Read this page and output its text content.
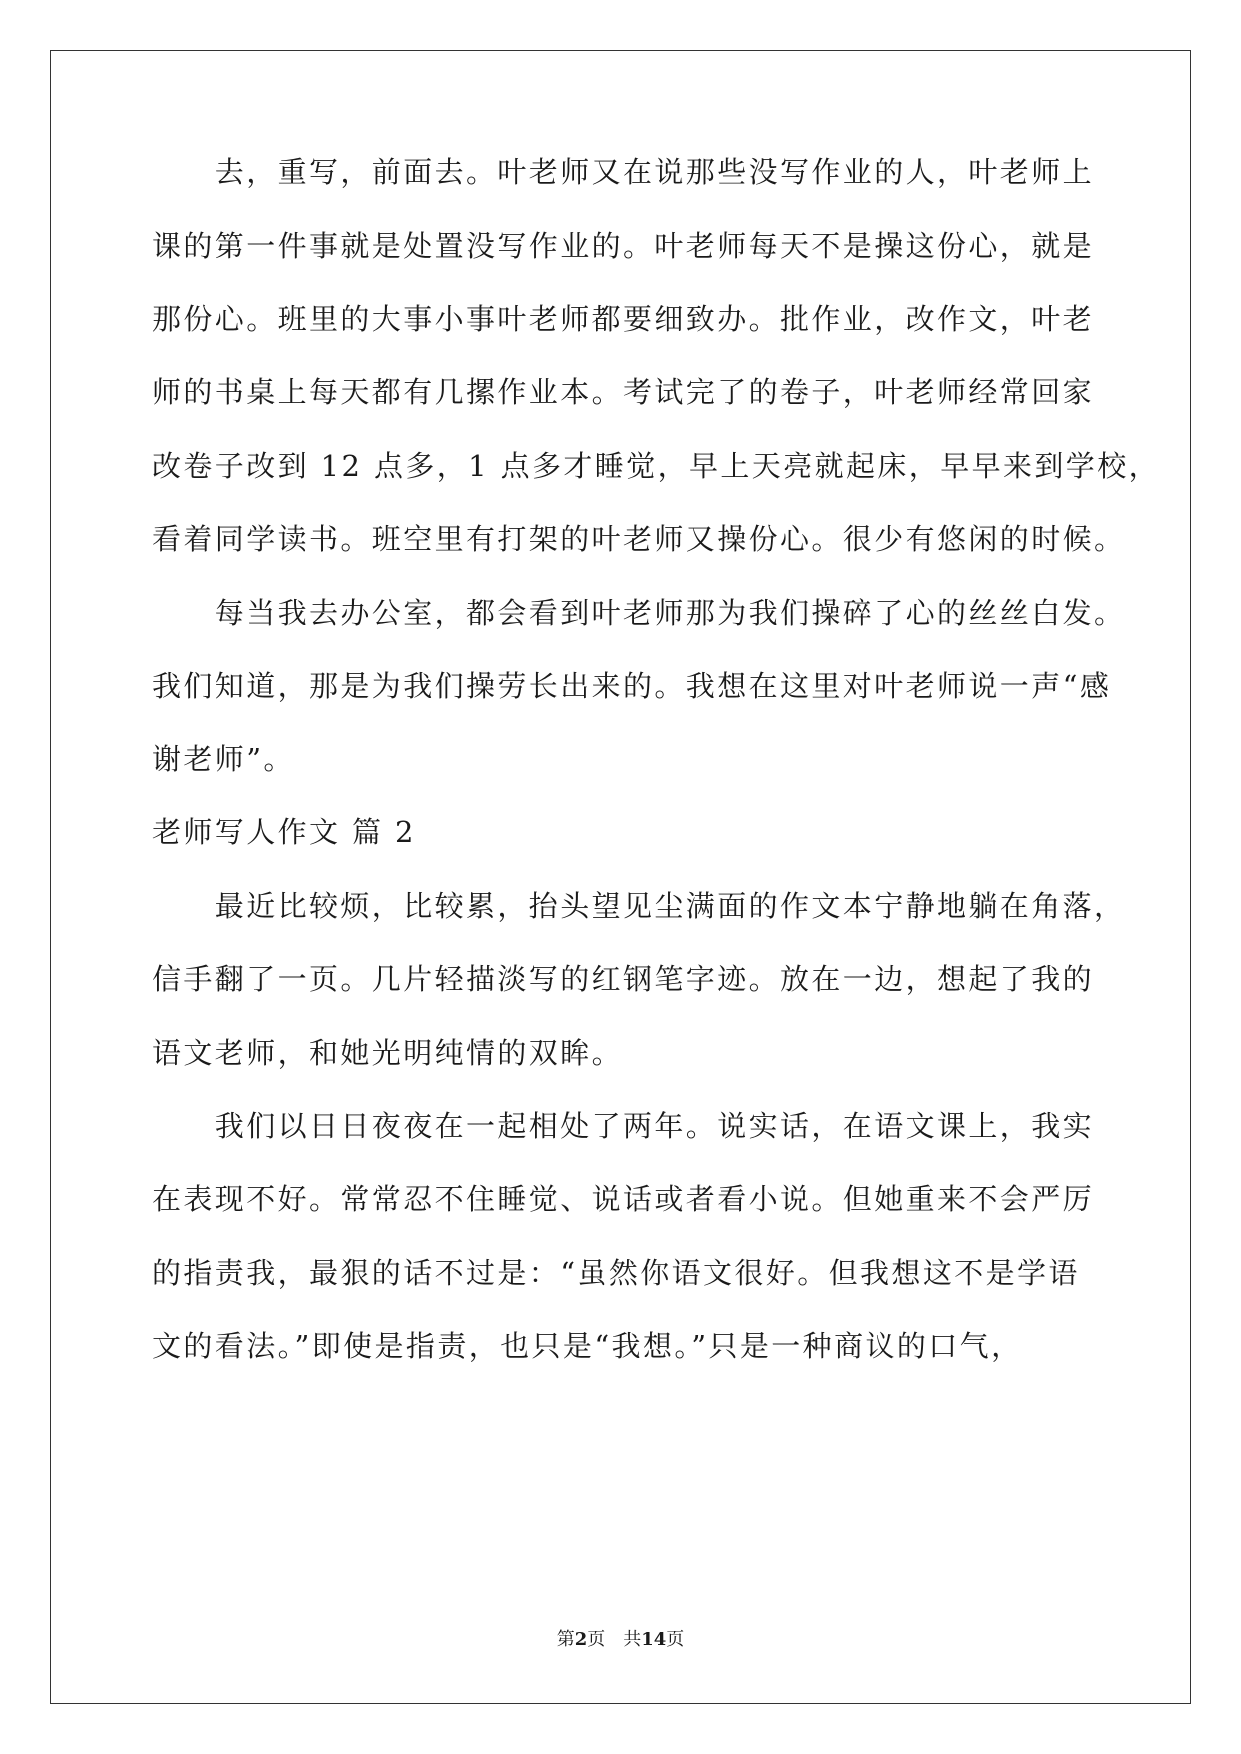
　　去，重写，前面去。叶老师又在说那些没写作业的人，叶老师上
课的第一件事就是处置没写作业的。叶老师每天不是操这份心，就是
那份心。班里的大事小事叶老师都要细致办。批作业，改作文，叶老
师的书桌上每天都有几摞作业本。考试完了的卷子，叶老师经常回家
改卷子改到 12 点多，1 点多才睡觉，早上天亮就起床，早早来到学校，
看着同学读书。班空里有打架的叶老师又操份心。很少有悠闲的时候。
　　每当我去办公室，都会看到叶老师那为我们操碎了心的丝丝白发。
我们知道，那是为我们操劳长出来的。我想在这里对叶老师说一声“感
谢老师”。
老师写人作文 篇 2
　　最近比较烦，比较累，抬头望见尘满面的作文本宁静地躺在角落，
信手翻了一页。几片轻描淡写的红钢笔字迹。放在一边，想起了我的
语文老师，和她光明纯情的双眸。
　　我们以日日夜夜在一起相处了两年。说实话，在语文课上，我实
在表现不好。常常忍不住睡觉、说话或者看小说。但她重来不会严厉
的指责我，最狠的话不过是：“虽然你语文很好。但我想这不是学语
文的看法。”即使是指责，也只是“我想。”只是一种商议的口气，
第2页　 共14页
